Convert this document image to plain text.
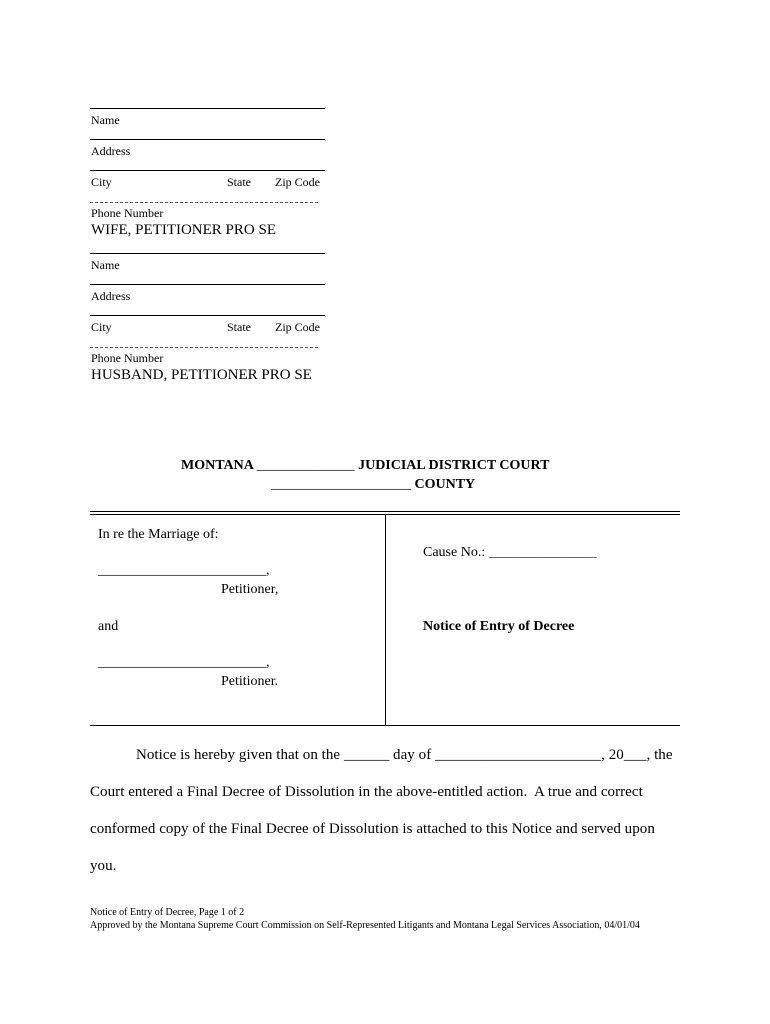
Name
Address
City	State Zip Code
Phone Number
WIFE, PETITIONER PRO SE
Name
Address
City	State Zip Code
Phone Number
HUSBAND, PETITIONER PRO SE
MONTANA ______________ JUDICIAL DISTRICT COURT
____________________ COUNTY
In re the Marriage of:
________________________,
Petitioner,
and
________________________,
Petitioner.
Cause No.: __________________
Notice of Entry of Decree
Notice is hereby given that on the ______ day of ______________________, 20___, the
Court entered a Final Decree of Dissolution in the above-entitled action.  A true and correct
conformed copy of the Final Decree of Dissolution is attached to this Notice and served upon
you.
Notice of Entry of Decree, Page 1 of 2
Approved by the Montana Supreme Court Commission on Self-Represented Litigants and Montana Legal Services Association, 04/01/04
